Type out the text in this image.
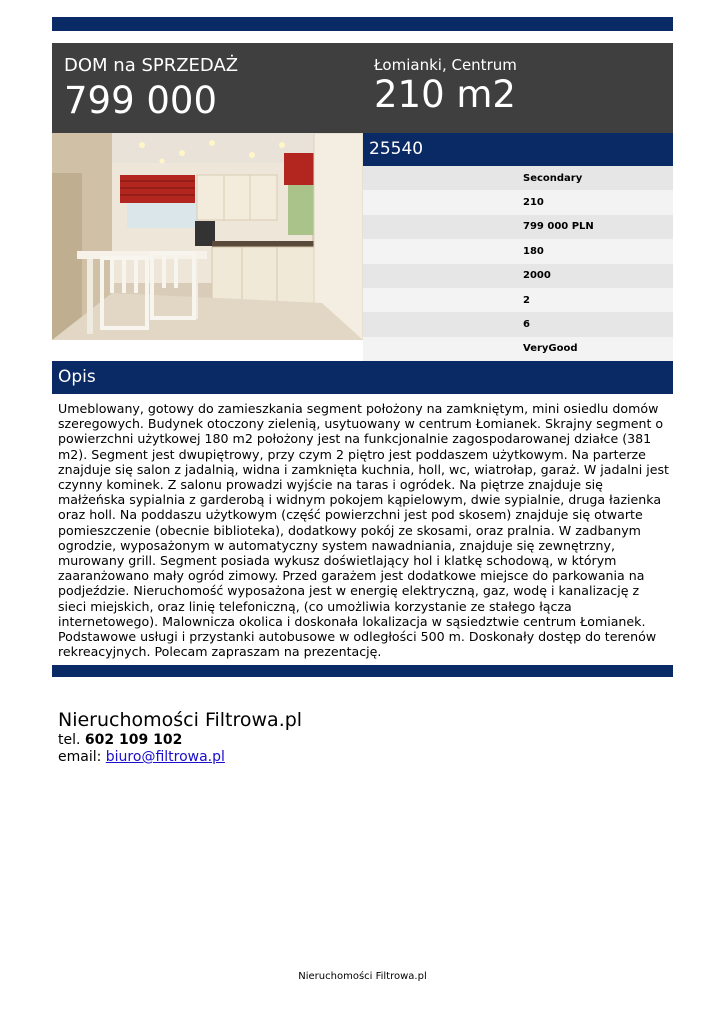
DOM na SPRZEDAŻ
799 000
Łomianki, Centrum
210 m2
25540
Secondary
210
799 000 PLN
180
2000
2
6
VeryGood
Opis
Umeblowany, gotowy do zamieszkania segment położony na zamkniętym, mini osiedlu domów szeregowych. Budynek otoczony zielenią, usytuowany w centrum Łomianek. Skrajny segment o powierzchni użytkowej 180 m2 położony jest na funkcjonalnie zagospodarowanej działce (381 m2). Segment jest dwupiętrowy, przy czym 2 piętro jest poddaszem użytkowym. Na parterze znajduje się salon z jadalnią, widna i zamknięta kuchnia, holl, wc, wiatrołap, garaż. W jadalni jest czynny kominek. Z salonu prowadzi wyjście na taras i ogródek. Na piętrze znajduje się małżeńska sypialnia z garderobą i widnym pokojem kąpielowym, dwie sypialnie, druga łazienka oraz holl. Na poddaszu użytkowym (część powierzchni jest pod skosem) znajduje się otwarte pomieszczenie (obecnie biblioteka), dodatkowy pokój ze skosami, oraz pralnia. W zadbanym ogrodzie, wyposażonym w automatyczny system nawadniania, znajduje się zewnętrzny, murowany grill. Segment posiada wykusz doświetlający hol i klatkę schodową, w którym zaaranżowano mały ogród zimowy. Przed garażem jest dodatkowe miejsce do parkowania na podjeździe. Nieruchomość wyposażona jest w energię elektryczną, gaz, wodę i kanalizację z sieci miejskich, oraz linię telefoniczną, (co umożliwia korzystanie ze stałego łącza internetowego). Malownicza okolica i doskonała lokalizacja w sąsiedztwie centrum Łomianek. Podstawowe usługi i przystanki autobusowe w odległości 500 m. Doskonały dostęp do terenów rekreacyjnych. Polecam zapraszam na prezentację.
Nieruchomości Filtrowa.pl
tel. 602 109 102
email: biuro@filtrowa.pl
Nieruchomości Filtrowa.pl
